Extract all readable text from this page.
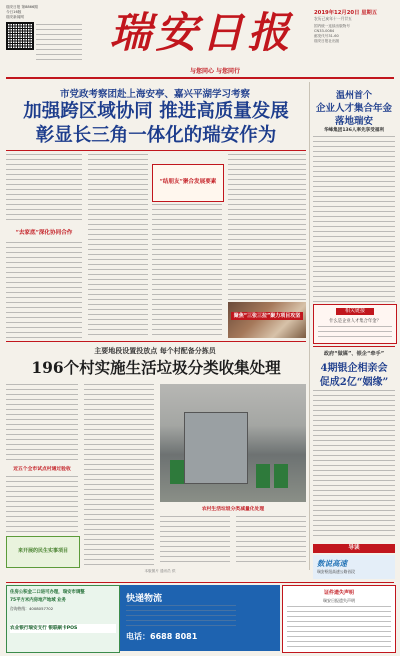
瑞安日报 第8866期
今日16版
瑞安新闻网	瑞安日报
与您同心 与您同行
2019年12月20日 星期五
农历己亥年十一月廿五
国内统一连续出版物号
CN33-0084
邮发代号31-60
瑞安日报社出版
市党政考察团赴上海安亭、嘉兴平湖学习考察
加强跨区域协同 推进高质量发展
彰显长三角一体化的瑞安作为
“去家底”深化协同合作
“结朋友”聚合发展要素
聚焦“三张三拉”聚力项目攻坚
主要地段设置投放点 每个村配备分拣员
196个村实施生活垃圾分类收集处理
近五个全市试点村通过验收
来开展的民生实事项目
农村生活垃圾分类减量化处理
本版图片 通讯员 供
温州首个
企业人才集合年金
落地瑞安
华峰集团136人率先享受福利
相关链接
什么是企业人才集合年金？
政府“做媒”、银企“牵手”
4期银企相亲会
促成2亿“姻缘”
导读
数说高速
瑞安枢纽高速公路首段
住房公积金二口进可办理，瑞安市调整
75平方米内房地产地域 业务
咨询热线：4008057702
农业银行瑞安支行 银联刷卡POS
快递物流
电话：6688 8081
证件遗失声明
瑞安日报遗失声明
